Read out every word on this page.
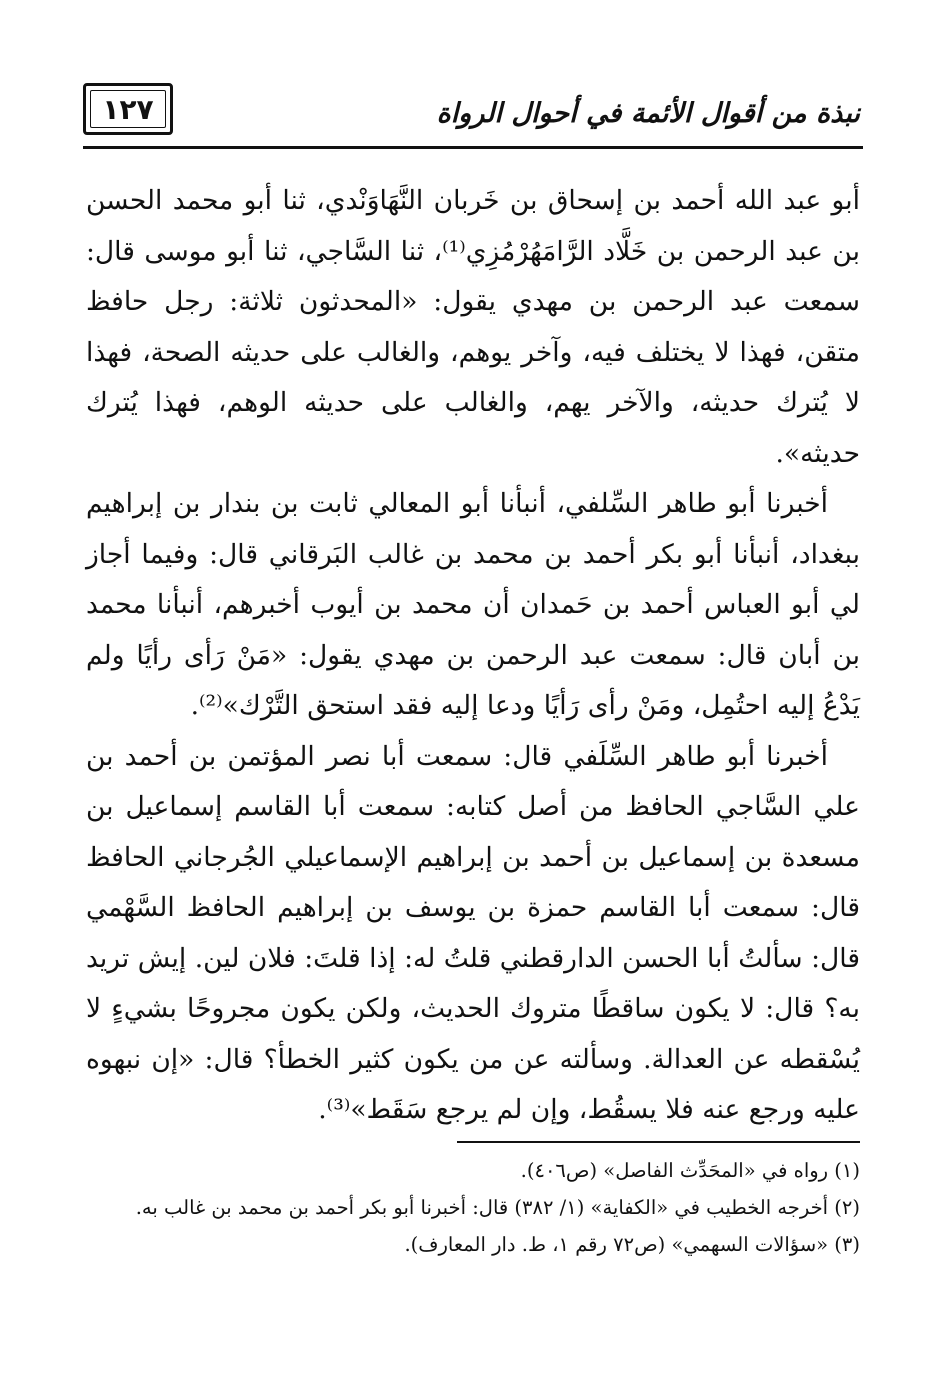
١٢٧	نبذة من أقوال الأئمة في أحوال الرواة

أبو عبد الله أحمد بن إسحاق بن خَربان النَّهَاوَنْدي، ثنا أبو محمد الحسن بن عبد الرحمن بن خَلَّاد الرَّامَهُرْمُزِي⁽¹⁾، ثنا السَّاجي، ثنا أبو موسى قال: سمعت عبد الرحمن بن مهدي يقول: «المحدثون ثلاثة: رجل حافظ متقن، فهذا لا يختلف فيه، وآخر يوهم، والغالب على حديثه الصحة، فهذا لا يُترك حديثه، والآخر يهم، والغالب على حديثه الوهم، فهذا يُترك حديثه».

أخبرنا أبو طاهر السِّلفي، أنبأنا أبو المعالي ثابت بن بندار بن إبراهيم ببغداد، أنبأنا أبو بكر أحمد بن محمد بن غالب البَرقاني قال: وفيما أجاز لي أبو العباس أحمد بن حَمدان أن محمد بن أيوب أخبرهم، أنبأنا محمد بن أبان قال: سمعت عبد الرحمن بن مهدي يقول: «مَنْ رَأى رأيًا ولم يَدْعُ إليه احتُمِل، ومَنْ رأى رَأيًا ودعا إليه فقد استحق التَّرْك»⁽²⁾.

أخبرنا أبو طاهر السِّلَفي قال: سمعت أبا نصر المؤتمن بن أحمد بن علي السَّاجي الحافظ من أصل كتابه: سمعت أبا القاسم إسماعيل بن مسعدة بن إسماعيل بن أحمد بن إبراهيم الإسماعيلي الجُرجاني الحافظ قال: سمعت أبا القاسم حمزة بن يوسف بن إبراهيم الحافظ السَّهْمي قال: سألتُ أبا الحسن الدارقطني قلتُ له: إذا قلتَ: فلان لين. إيش تريد به؟ قال: لا يكون ساقطًا متروك الحديث، ولكن يكون مجروحًا بشيءٍ لا يُسْقطه عن العدالة. وسألته عن من يكون كثير الخطأ؟ قال: «إن نبهوه عليه ورجع عنه فلا يسقُط، وإن لم يرجع سَقَط»⁽³⁾.

(١) رواه في «المحَدِّث الفاصل» (ص٤٠٦).

(٢) أخرجه الخطيب في «الكفاية» (١/ ٣٨٢) قال: أخبرنا أبو بكر أحمد بن محمد بن غالب به.

(٣) «سؤالات السهمي» (ص٧٢ رقم ١، ط. دار المعارف).
